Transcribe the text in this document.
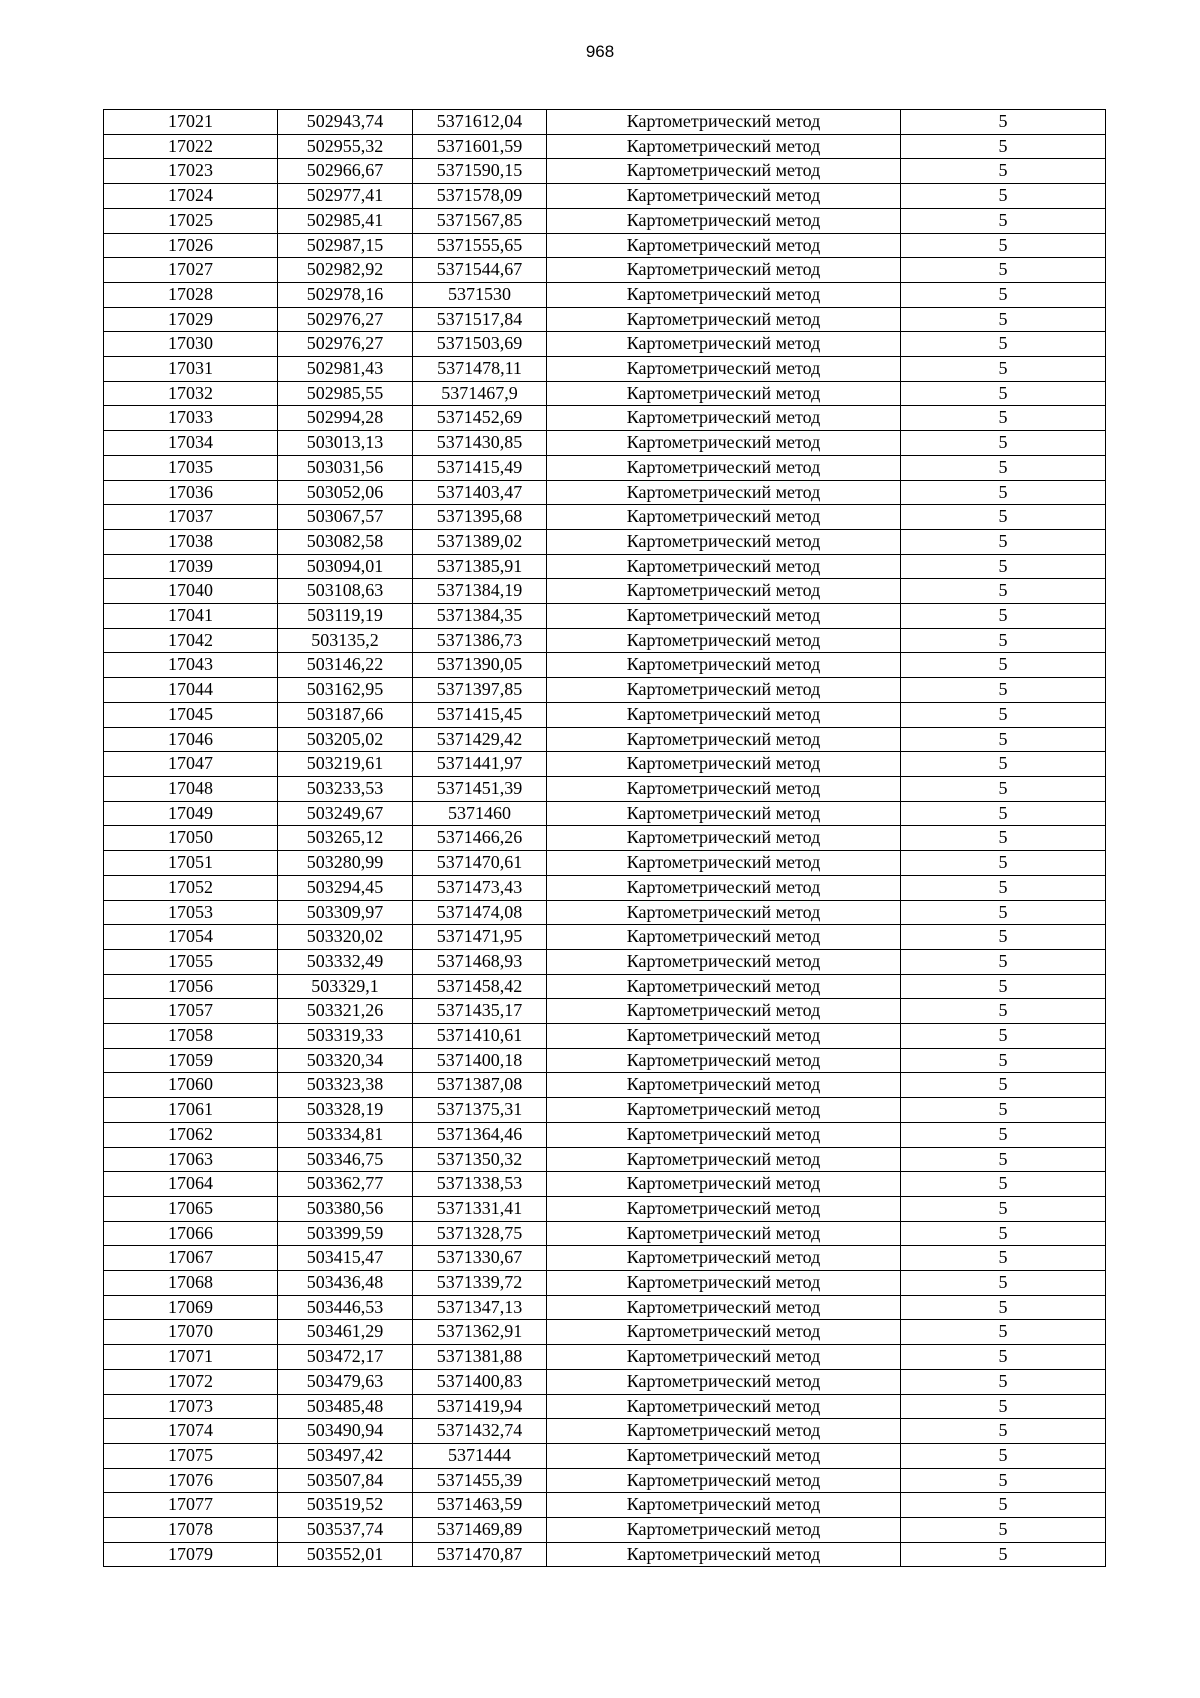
968
17021	502943,74	5371612,04	Картометрический метод	5
17022	502955,32	5371601,59	Картометрический метод	5
17023	502966,67	5371590,15	Картометрический метод	5
17024	502977,41	5371578,09	Картометрический метод	5
17025	502985,41	5371567,85	Картометрический метод	5
17026	502987,15	5371555,65	Картометрический метод	5
17027	502982,92	5371544,67	Картометрический метод	5
17028	502978,16	5371530	Картометрический метод	5
17029	502976,27	5371517,84	Картометрический метод	5
17030	502976,27	5371503,69	Картометрический метод	5
17031	502981,43	5371478,11	Картометрический метод	5
17032	502985,55	5371467,9	Картометрический метод	5
17033	502994,28	5371452,69	Картометрический метод	5
17034	503013,13	5371430,85	Картометрический метод	5
17035	503031,56	5371415,49	Картометрический метод	5
17036	503052,06	5371403,47	Картометрический метод	5
17037	503067,57	5371395,68	Картометрический метод	5
17038	503082,58	5371389,02	Картометрический метод	5
17039	503094,01	5371385,91	Картометрический метод	5
17040	503108,63	5371384,19	Картометрический метод	5
17041	503119,19	5371384,35	Картометрический метод	5
17042	503135,2	5371386,73	Картометрический метод	5
17043	503146,22	5371390,05	Картометрический метод	5
17044	503162,95	5371397,85	Картометрический метод	5
17045	503187,66	5371415,45	Картометрический метод	5
17046	503205,02	5371429,42	Картометрический метод	5
17047	503219,61	5371441,97	Картометрический метод	5
17048	503233,53	5371451,39	Картометрический метод	5
17049	503249,67	5371460	Картометрический метод	5
17050	503265,12	5371466,26	Картометрический метод	5
17051	503280,99	5371470,61	Картометрический метод	5
17052	503294,45	5371473,43	Картометрический метод	5
17053	503309,97	5371474,08	Картометрический метод	5
17054	503320,02	5371471,95	Картометрический метод	5
17055	503332,49	5371468,93	Картометрический метод	5
17056	503329,1	5371458,42	Картометрический метод	5
17057	503321,26	5371435,17	Картометрический метод	5
17058	503319,33	5371410,61	Картометрический метод	5
17059	503320,34	5371400,18	Картометрический метод	5
17060	503323,38	5371387,08	Картометрический метод	5
17061	503328,19	5371375,31	Картометрический метод	5
17062	503334,81	5371364,46	Картометрический метод	5
17063	503346,75	5371350,32	Картометрический метод	5
17064	503362,77	5371338,53	Картометрический метод	5
17065	503380,56	5371331,41	Картометрический метод	5
17066	503399,59	5371328,75	Картометрический метод	5
17067	503415,47	5371330,67	Картометрический метод	5
17068	503436,48	5371339,72	Картометрический метод	5
17069	503446,53	5371347,13	Картометрический метод	5
17070	503461,29	5371362,91	Картометрический метод	5
17071	503472,17	5371381,88	Картометрический метод	5
17072	503479,63	5371400,83	Картометрический метод	5
17073	503485,48	5371419,94	Картометрический метод	5
17074	503490,94	5371432,74	Картометрический метод	5
17075	503497,42	5371444	Картометрический метод	5
17076	503507,84	5371455,39	Картометрический метод	5
17077	503519,52	5371463,59	Картометрический метод	5
17078	503537,74	5371469,89	Картометрический метод	5
17079	503552,01	5371470,87	Картометрический метод	5
